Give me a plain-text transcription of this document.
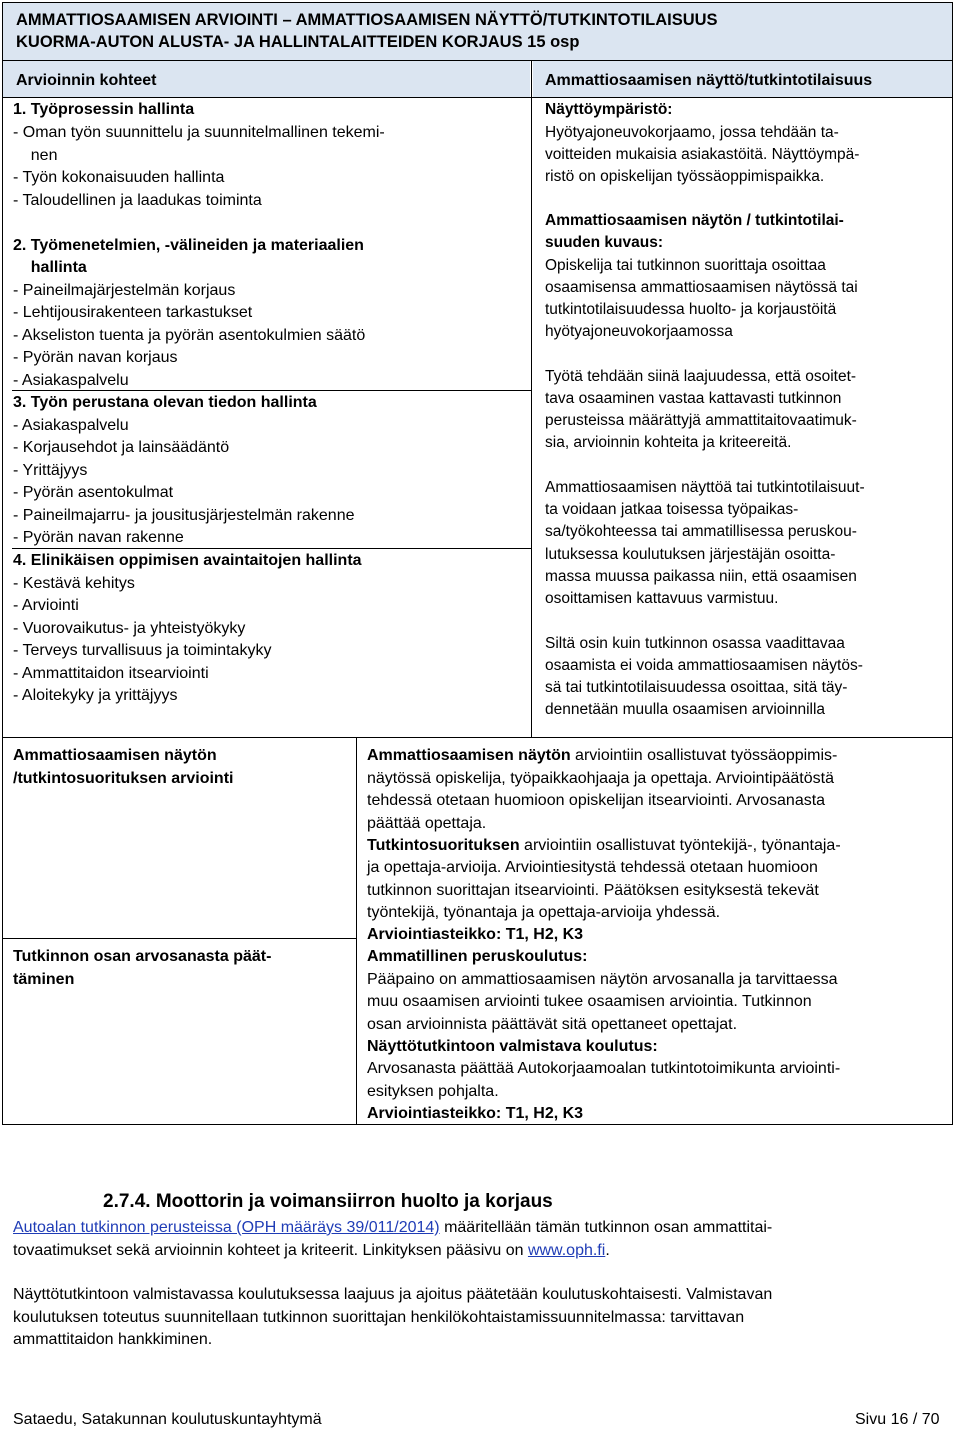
AMMATTIOSAAMISEN ARVIOINTI – AMMATTIOSAAMISEN NÄYTTÖ/TUTKINTOTILAISUUS
KUORMA-AUTON ALUSTA- JA HALLINTALAITTEIDEN KORJAUS 15 osp
Arvioinnin kohteet	Ammattiosaamisen näyttö/tutkintotilaisuus
1. Työprosessin hallinta
- Oman työn suunnittelu ja suunnitelmallinen tekemi-
nen
- Työn kokonaisuuden hallinta
- Taloudellinen ja laadukas toiminta
2. Työmenetelmien, -välineiden ja materiaalien
hallinta
- Paineilmajärjestelmän korjaus
- Lehtijousirakenteen tarkastukset
- Akseliston tuenta ja pyörän asentokulmien säätö
- Pyörän navan korjaus
- Asiakaspalvelu
3. Työn perustana olevan tiedon hallinta
- Asiakaspalvelu
- Korjausehdot ja lainsäädäntö
- Yrittäjyys
- Pyörän asentokulmat
- Paineilmajarru- ja jousitusjärjestelmän rakenne
- Pyörän navan rakenne
4. Elinikäisen oppimisen avaintaitojen hallinta
- Kestävä kehitys
- Arviointi
- Vuorovaikutus- ja yhteistyökyky
- Terveys turvallisuus ja toimintakyky
- Ammattitaidon itsearviointi
- Aloitekyky ja yrittäjyys
Näyttöympäristö:
Hyötyajoneuvokorjaamo, jossa tehdään ta-
voitteiden mukaisia asiakastöitä. Näyttöympä-
ristö on opiskelijan työssäoppimispaikka.
Ammattiosaamisen näytön / tutkintotilai-
suuden kuvaus:
Opiskelija tai tutkinnon suorittaja osoittaa
osaamisensa ammattiosaamisen näytössä tai
tutkintotilaisuudessa huolto- ja korjaustöitä
hyötyajoneuvokorjaamossa
Työtä tehdään siinä laajuudessa, että osoitet-
tava osaaminen vastaa kattavasti tutkinnon
perusteissa määrättyjä ammattitaitovaatimuk-
sia, arvioinnin kohteita ja kriteereitä.
Ammattiosaamisen näyttöä tai tutkintotilaisuut-
ta voidaan jatkaa toisessa työpaikas-
sa/työkohteessa tai ammatillisessa peruskou-
lutuksessa koulutuksen järjestäjän osoitta-
massa muussa paikassa niin, että osaamisen
osoittamisen kattavuus varmistuu.
Siltä osin kuin tutkinnon osassa vaadittavaa
osaamista ei voida ammattiosaamisen näytös-
sä tai tutkintotilaisuudessa osoittaa, sitä täy-
dennetään muulla osaamisen arvioinnilla
Ammattiosaamisen näytön
/tutkintosuorituksen arviointi
Tutkinnon osan arvosanasta päät-
täminen
Ammattiosaamisen näytön arviointiin osallistuvat työssäoppimis-
näytössä opiskelija, työpaikkaohjaaja ja opettaja. Arviointipäätöstä
tehdessä otetaan huomioon opiskelijan itsearviointi. Arvosanasta
päättää opettaja.
Tutkintosuorituksen arviointiin osallistuvat työntekijä-, työnantaja-
ja opettaja-arvioija. Arviointiesitystä tehdessä otetaan huomioon
tutkinnon suorittajan itsearviointi. Päätöksen esityksestä tekevät
työntekijä, työnantaja ja opettaja-arvioija yhdessä.
Arviointiasteikko: T1, H2, K3
Ammatillinen peruskoulutus:
Pääpaino on ammattiosaamisen näytön arvosanalla ja tarvittaessa
muu osaamisen arviointi tukee osaamisen arviointia. Tutkinnon
osan arvioinnista päättävät sitä opettaneet opettajat.
Näyttötutkintoon valmistava koulutus:
Arvosanasta päättää Autokorjaamoalan tutkintotoimikunta arviointi-
esityksen pohjalta.
Arviointiasteikko: T1, H2, K3
2.7.4. Moottorin ja voimansiirron huolto ja korjaus
Autoalan tutkinnon perusteissa (OPH määräys 39/011/2014) määritellään tämän tutkinnon osan ammattitai-
tovaatimukset sekä arvioinnin kohteet ja kriteerit. Linkityksen pääsivu on www.oph.fi.
Näyttötutkintoon valmistavassa koulutuksessa laajuus ja ajoitus päätetään koulutuskohtaisesti. Valmistavan
koulutuksen toteutus suunnitellaan tutkinnon suorittajan henkilökohtaistamissuunnitelmassa: tarvittavan
ammattitaidon hankkiminen.
Sataedu, Satakunnan koulutuskuntayhtymä	Sivu 16 / 70
